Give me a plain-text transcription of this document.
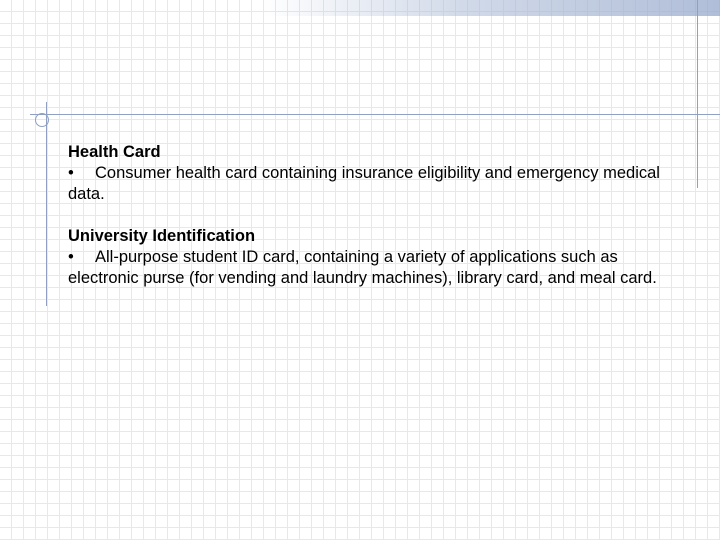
Health Card

• Consumer health card containing insurance eligibility and emergency medical data.

University Identification

• All-purpose student ID card, containing a variety of applications such as electronic purse (for vending and laundry machines), library card, and meal card.
